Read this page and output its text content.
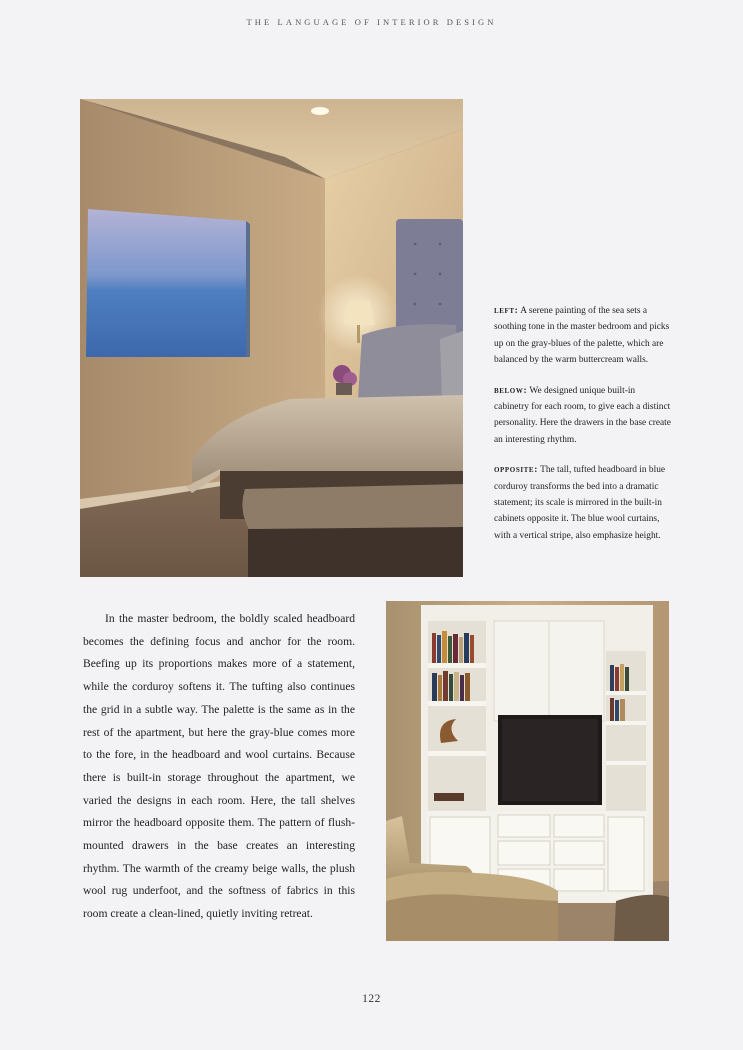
THE LANGUAGE OF INTERIOR DESIGN

left: A serene painting of the sea sets a soothing tone in the master bedroom and picks up on the gray-blues of the palette, which are balanced by the warm buttercream walls.

below: We designed unique built-in cabinetry for each room, to give each a distinct personality. Here the drawers in the base create an interesting rhythm.

opposite: The tall, tufted headboard in blue corduroy transforms the bed into a dramatic statement; its scale is mirrored in the built-in cabinets opposite it. The blue wool curtains, with a vertical stripe, also emphasize height.

In the master bedroom, the boldly scaled headboard becomes the defining focus and anchor for the room. Beefing up its proportions makes more of a statement, while the corduroy softens it. The tufting also continues the grid in a subtle way. The palette is the same as in the rest of the apartment, but here the gray-blue comes more to the fore, in the headboard and wool curtains. Because there is built-in storage throughout the apartment, we varied the designs in each room. Here, the tall shelves mirror the headboard opposite them. The pattern of flush-mounted drawers in the base creates an interesting rhythm. The warmth of the creamy beige walls, the plush wool rug underfoot, and the softness of fabrics in this room create a clean-lined, quietly inviting retreat.

122
